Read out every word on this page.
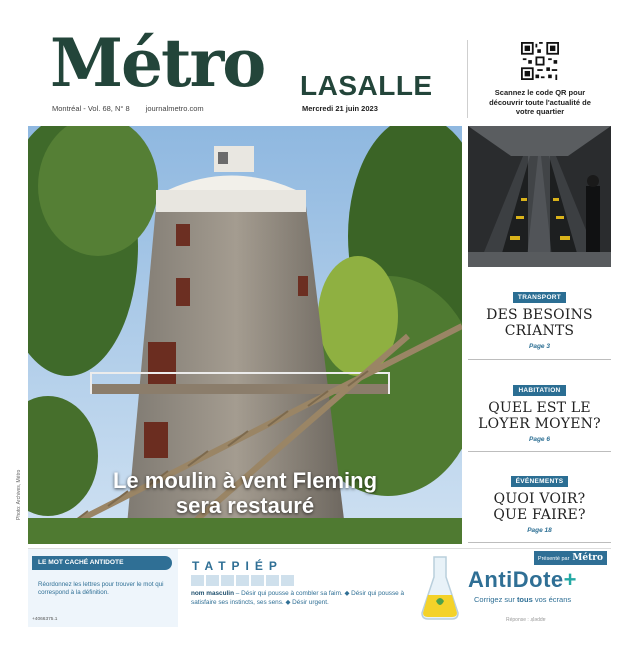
Métro LASALLE
Montréal - Vol. 68, N° 8 journalmetro.com	Mercredi 21 juin 2023
Scannez le code QR pour découvrir toute l'actualité de votre quartier
Le moulin à vent Fleming
sera restauré
Photo: Archives, Métro
TRANSPORT
DES BESOINS
CRIANTS
Page 3
HABITATION
QUEL EST LE
LOYER MOYEN?
Page 6
ÉVÉNEMENTS
QUOI VOIR?
QUE FAIRE?
Page 18
LE MOT CACHÉ ANTIDOTE
Réordonnez les lettres pour trouver le mot qui correspond à la définition.
+4066375.1
TATPIÉP
nom masculin – Désir qui pousse à combler sa faim. ◆ Désir qui pousse à satisfaire ses instincts, ses sens. ◆ Désir urgent.
Présenté par Métro
AntiDote+
Corrigez sur tous vos écrans
Réponse : ɹᴉʇǝddɐ
